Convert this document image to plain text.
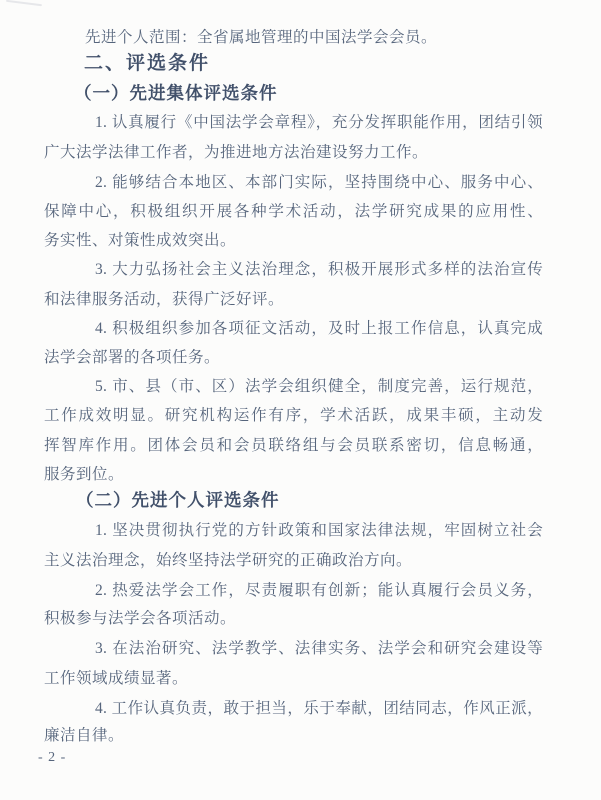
先进个人范围：全省属地管理的中国法学会会员。
二、评选条件
（一）先进集体评选条件
1. 认真履行《中国法学会章程》，充分发挥职能作用，团结引领
广大法学法律工作者，为推进地方法治建设努力工作。
2. 能够结合本地区、本部门实际，坚持围绕中心、服务中心、
保障中心，积极组织开展各种学术活动，法学研究成果的应用性、
务实性、对策性成效突出。
3. 大力弘扬社会主义法治理念，积极开展形式多样的法治宣传
和法律服务活动，获得广泛好评。
4. 积极组织参加各项征文活动，及时上报工作信息，认真完成
法学会部署的各项任务。
5. 市、县（市、区）法学会组织健全，制度完善，运行规范，
工作成效明显。研究机构运作有序，学术活跃，成果丰硕，主动发
挥智库作用。团体会员和会员联络组与会员联系密切，信息畅通，
服务到位。
（二）先进个人评选条件
1. 坚决贯彻执行党的方针政策和国家法律法规，牢固树立社会
主义法治理念，始终坚持法学研究的正确政治方向。
2. 热爱法学会工作，尽责履职有创新；能认真履行会员义务，
积极参与法学会各项活动。
3. 在法治研究、法学教学、法律实务、法学会和研究会建设等
工作领域成绩显著。
4. 工作认真负责，敢于担当，乐于奉献，团结同志，作风正派，
廉洁自律。
- 2 -
